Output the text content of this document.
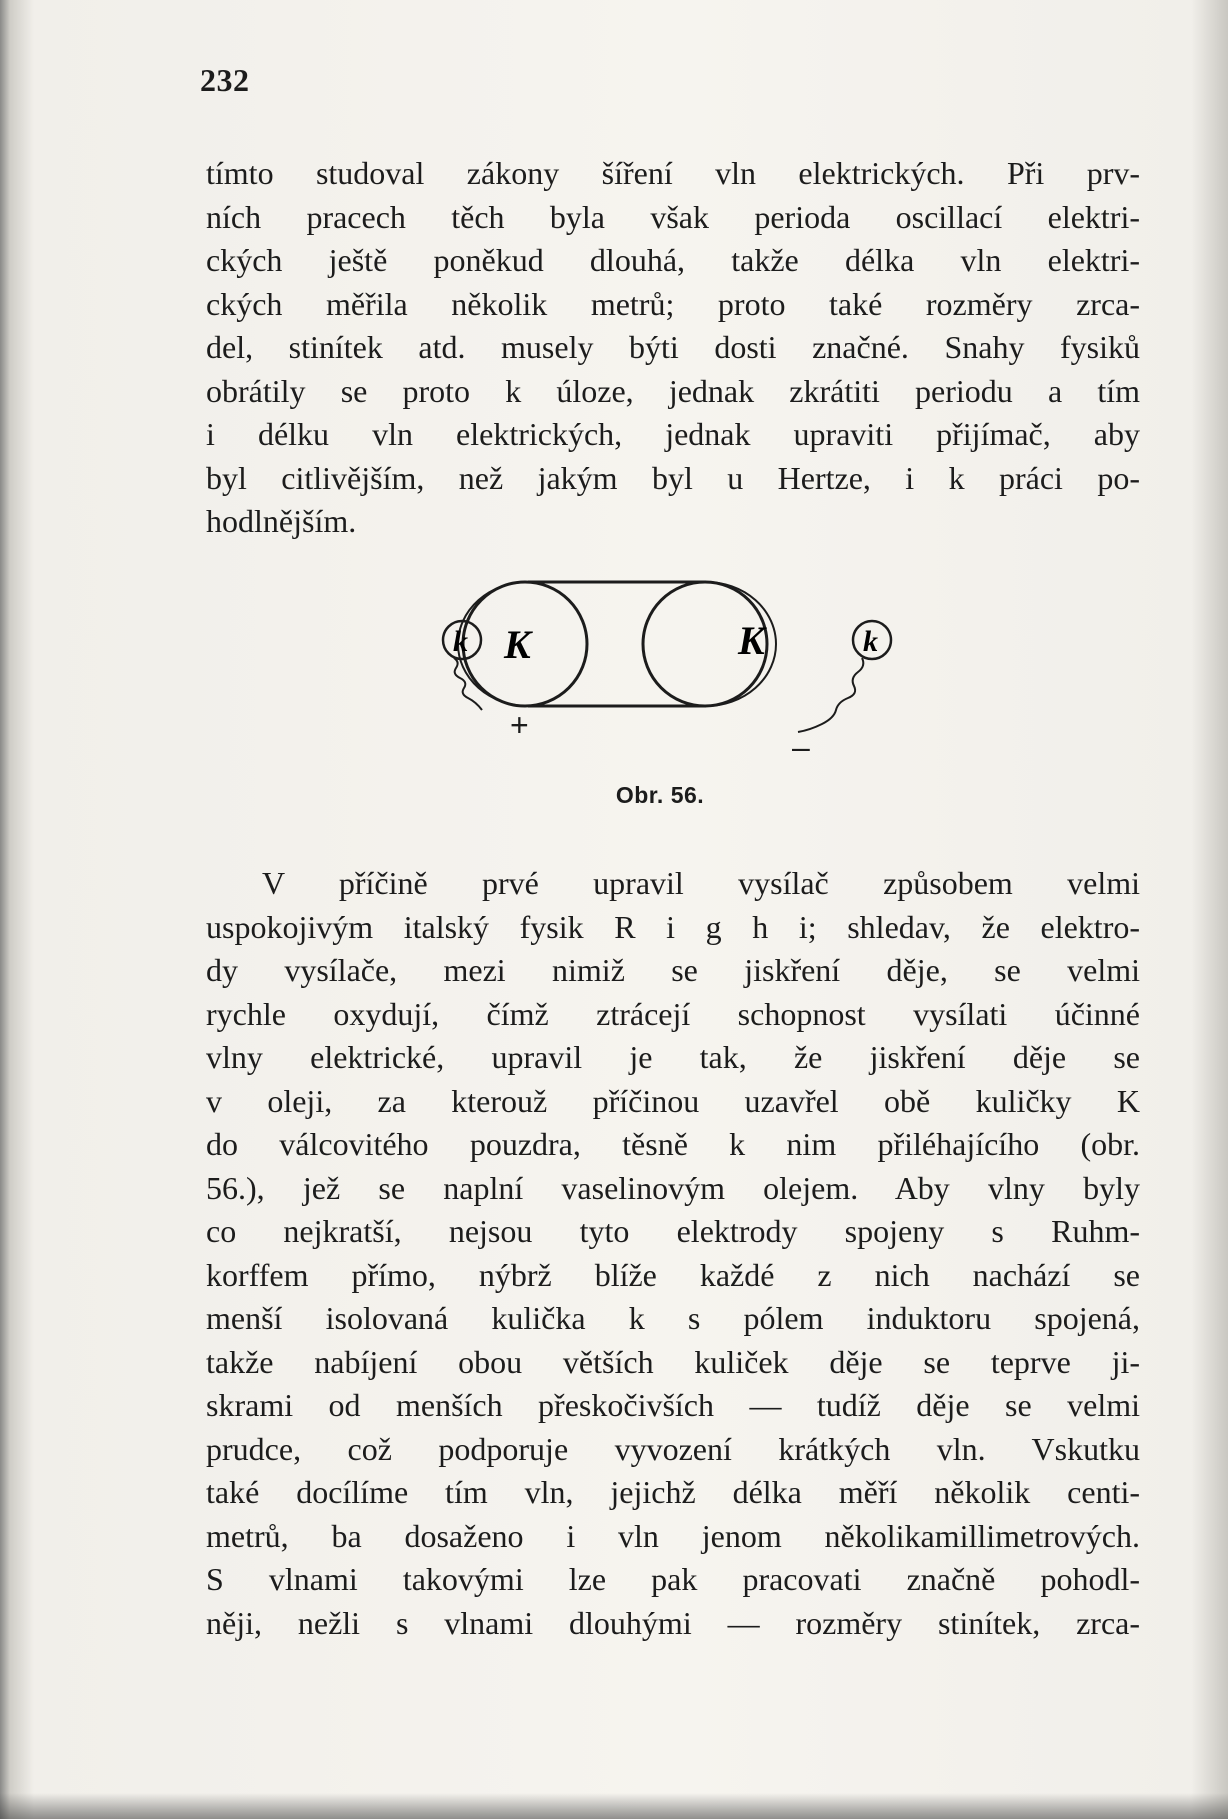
232
tímto studoval zákony šíření vln elektrických. Při prv-
ních pracech těch byla však perioda oscillací elektri-
ckých ještě poněkud dlouhá, takže délka vln elektri-
ckých měřila několik metrů; proto také rozměry zrca-
del, stinítek atd. musely býti dosti značné. Snahy fysiků
obrátily se proto k úloze, jednak zkrátiti periodu a tím
i délku vln elektrických, jednak upraviti přijímač, aby
byl citlivějším, než jakým byl u Hertze, i k práci po-
hodlnějším.
K	K
k	k
+
–
Obr. 56.
V příčině prvé upravil vysílač způsobem velmi
uspokojivým italský fysik R i g h i; shledav, že elektro-
dy vysílače, mezi nimiž se jiskření děje, se velmi
rychle oxydují, čímž ztrácejí schopnost vysílati účinné
vlny elektrické, upravil je tak, že jiskření děje se
v oleji, za kterouž příčinou uzavřel obě kuličky K
do válcovitého pouzdra, těsně k nim přiléhajícího (obr.
56.), jež se naplní vaselinovým olejem. Aby vlny byly
co nejkratší, nejsou tyto elektrody spojeny s Ruhm-
korffem přímo, nýbrž blíže každé z nich nachází se
menší isolovaná kulička k s pólem induktoru spojená,
takže nabíjení obou větších kuliček děje se teprve ji-
skrami od menších přeskočivších — tudíž děje se velmi
prudce, což podporuje vyvození krátkých vln. Vskutku
také docílíme tím vln, jejichž délka měří několik centi-
metrů, ba dosaženo i vln jenom několikamillimetrových.
S vlnami takovými lze pak pracovati značně pohodl-
něji, nežli s vlnami dlouhými — rozměry stinítek, zrca-
